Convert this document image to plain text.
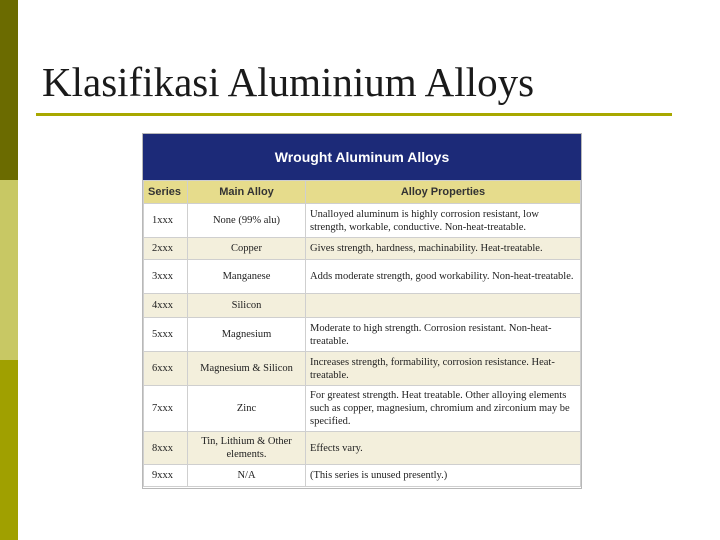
Klasifikasi Aluminium Alloys
Wrought Aluminum Alloys
Series	Main Alloy	Alloy Properties
1xxx	None (99% alu)	Unalloyed aluminum is highly corrosion resistant, low strength, workable, conductive. Non-heat-treatable.
2xxx	Copper	Gives strength, hardness, machinability. Heat-treatable.
3xxx	Manganese	Adds moderate strength, good workability. Non-heat-treatable.
4xxx	Silicon	
5xxx	Magnesium	Moderate to high strength. Corrosion resistant. Non-heat-treatable.
6xxx	Magnesium & Silicon	Increases strength, formability, corrosion resistance. Heat-treatable.
7xxx	Zinc	For greatest strength. Heat treatable. Other alloying elements such as copper, magnesium, chromium and zirconium may be specified.
8xxx	Tin, Lithium & Other elements.	Effects vary.
9xxx	N/A	(This series is unused presently.)
